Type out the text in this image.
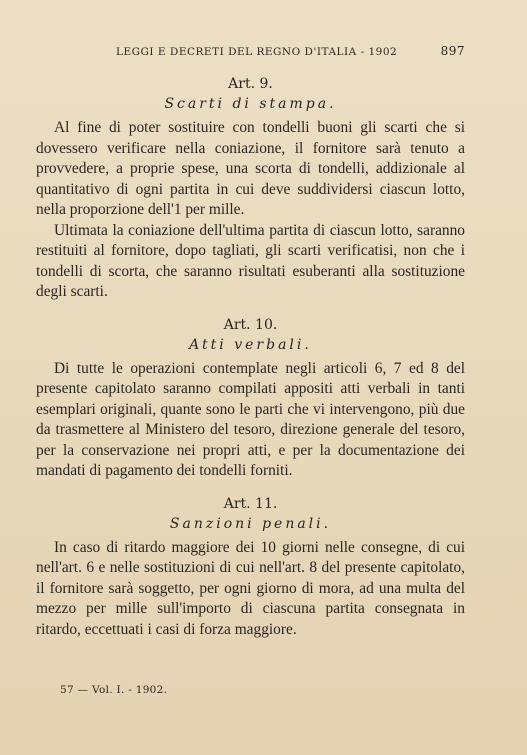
LEGGI E DECRETI DEL REGNO D'ITALIA - 1902	897
Art. 9.
Scarti di stampa.

Al fine di poter sostituire con tondelli buoni gli scarti che si dovessero verificare nella coniazione, il fornitore sarà tenuto a provvedere, a proprie spese, una scorta di tondelli, addizionale al quantitativo di ogni partita in cui deve suddividersi ciascun lotto, nella proporzione dell'1 per mille.

Ultimata la coniazione dell'ultima partita di ciascun lotto, saranno restituiti al fornitore, dopo tagliati, gli scarti verificatisi, non che i tondelli di scorta, che saranno risultati esuberanti alla sostituzione degli scarti.

Art. 10.
Atti verbali.

Di tutte le operazioni contemplate negli articoli 6, 7 ed 8 del presente capitolato saranno compilati appositi atti verbali in tanti esemplari originali, quante sono le parti che vi intervengono, più due da trasmettere al Ministero del tesoro, direzione generale del tesoro, per la conservazione nei propri atti, e per la documentazione dei mandati di pagamento dei tondelli forniti.

Art. 11.
Sanzioni penali.

In caso di ritardo maggiore dei 10 giorni nelle consegne, di cui nell'art. 6 e nelle sostituzioni di cui nell'art. 8 del presente capitolato, il fornitore sarà soggetto, per ogni giorno di mora, ad una multa del mezzo per mille sull'importo di ciascuna partita consegnata in ritardo, eccettuati i casi di forza maggiore.

57 — Vol. I. - 1902.
